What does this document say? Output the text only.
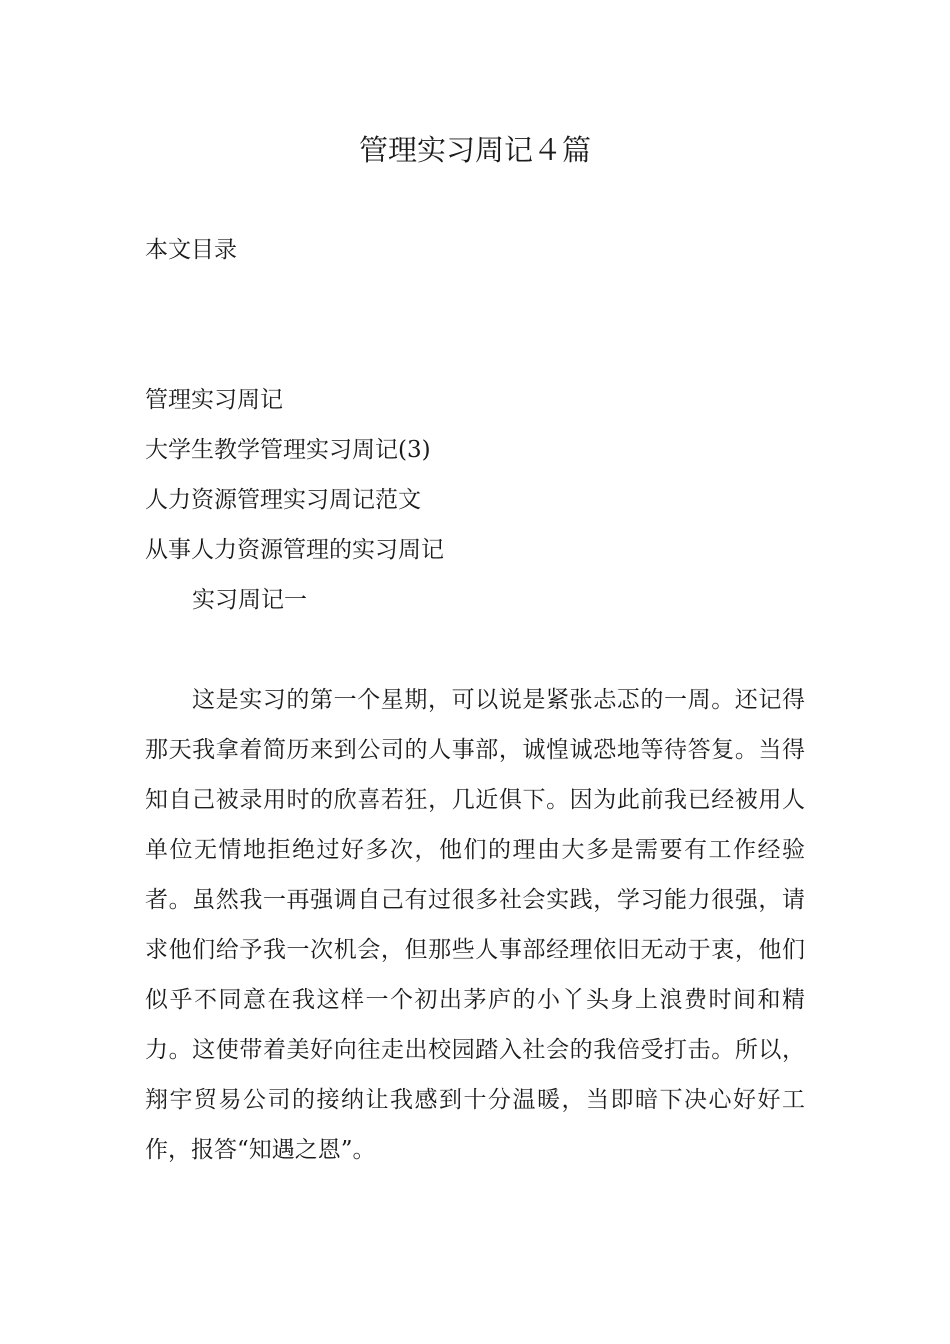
管理实习周记４篇
本文目录
管理实习周记
大学生教学管理实习周记(3)
人力资源管理实习周记范文
从事人力资源管理的实习周记
实习周记一

这是实习的第一个星期，可以说是紧张忐忑的一周。还记得那天我拿着简历来到公司的人事部，诚惶诚恐地等待答复。当得知自己被录用时的欣喜若狂，几近俱下。因为此前我已经被用人单位无情地拒绝过好多次，他们的理由大多是需要有工作经验者。虽然我一再强调自己有过很多社会实践，学习能力很强，请求他们给予我一次机会，但那些人事部经理依旧无动于衷，他们似乎不同意在我这样一个初出茅庐的小丫头身上浪费时间和精力。这使带着美好向往走出校园踏入社会的我倍受打击。所以，翔宇贸易公司的接纳让我感到十分温暖，当即暗下决心好好工作，报答“知遇之恩”。
